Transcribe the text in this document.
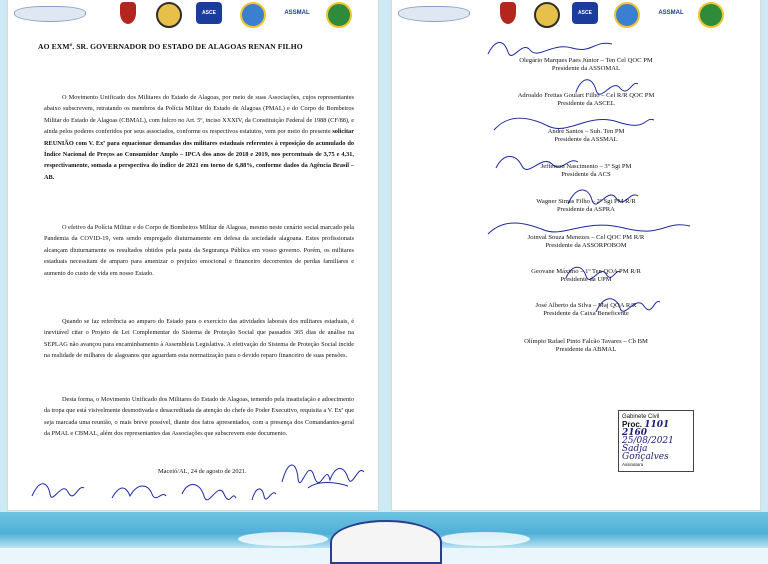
ASCE	ASSMAL
AO EXMº. SR. GOVERNADOR DO ESTADO DE ALAGOAS RENAN FILHO
O Movimento Unificado dos Militares do Estado de Alagoas, por meio de suas Associações, cujos representantes abaixo subscrevem, retratando os membros da Polícia Militar do Estado de Alagoas (PMAL) e do Corpo de Bombeiros Militar do Estado de Alagoas (CBMAL), com fulcro no Art. 5º, inciso XXXIV, da Constituição Federal de 1988 (CF/88), e ainda pelos poderes conferidos por seus associados, conforme os respectivos estatutos, vem por meio do presente solicitar REUNIÃO com V. Exª para equacionar demandas dos militares estaduais referentes à reposição do acumulado do Índice Nacional de Preços ao Consumidor Amplo – IPCA dos anos de 2018 e 2019, nos percentuais de 3,75 e 4,31, respectivamente, somada a perspectiva do índice de 2021 em torno de 6,88%, conforme dados da Agência Brasil – AB.
O efetivo da Polícia Militar e do Corpo de Bombeiros Militar de Alagoas, mesmo neste cenário social marcado pela Pandemia da COVID-19, vem sendo empregado diuturnamente em defesa da sociedade alagoana. Estes profissionais alcançam diuturnamente os resultados obtidos pela pasta da Segurança Pública em vosso governo. Porém, os militares estaduais necessitam de amparo para amenizar o prejuízo emocional e financeiro decorrentes de perdas familiares e aumento do custo de vida em nosso Estado.
Quando se faz referência ao amparo do Estado para o exercício das atividades laborais dos militares estaduais, é inevitável citar o Projeto de Lei Complementar do Sistema de Proteção Social que passados 365 dias de análise na SEPLAG não avançou para encaminhamento à Assembleia Legislativa. A efetivação do Sistema de Proteção Social incide na realidade de milhares de alagoanos que aguardam esta normatização para o devido reparo financeiro de suas pensões.
Desta forma, o Movimento Unificado dos Militares do Estado de Alagoas, temendo pela insatisfação e adoecimento da tropa que está visivelmente desmotivada e desacreditada da atenção do chefe do Poder Executivo, requisita a V. Exª que seja marcada uma reunião, o mais breve possível, diante dos fatos apresentados, com a presença dos Comandantes-geral da PMAL e CBMAL, além dos representantes das Associações que subscrevem este documento.
Maceió/AL, 24 de agosto de 2021.
ASCE	ASSMAL
Olegário Marques Paes Júnior – Ten Cel QOC PM
Presidente da ASSOMAL
Adroaldo Freitas Goulart Filho – Cel R/R QOC PM
Presidente da ASCEL
André Santos – Sub. Ten PM
Presidente da ASSMAL
Jefferson Nascimento – 3º Sgt PM
Presidente da ACS
Wagner Simas Filho – 2º Sgt PM R/R
Presidente da ASPRA
Joinval Souza Menezes – Cel QOC PM R/R
Presidente da ASSORPOBOM
Geovane Máximo – 1º Ten QOA PM R/R
Presidente da UPM
José Alberto da Silva – Maj QOA R/R
Presidente da Caixa Beneficente
Olímpio Rafael Pinto Falcão Tavares – Cb BM
Presidente da ABMAL
Gabinete Civil
Proc. 1101 2160
25/08/2021
Sadja Gonçalves
Assinatura
